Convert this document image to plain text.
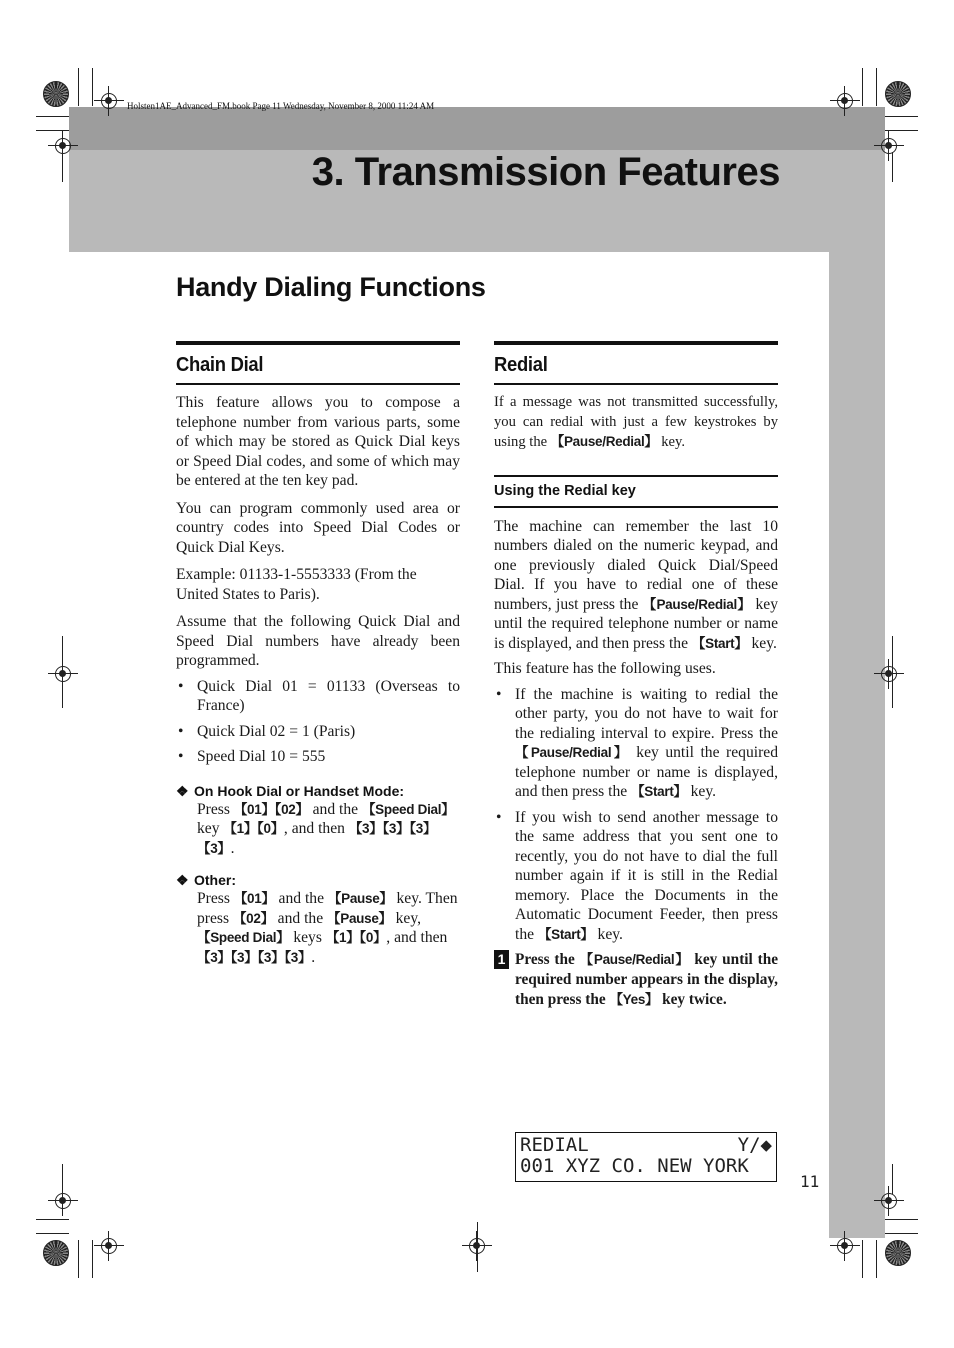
Holsten1AE_Advanced_FM.book Page 11 Wednesday, November 8, 2000 11:24 AM
3. Transmission Features
Handy Dialing Functions
Chain Dial

This feature allows you to compose a telephone number from various parts, some of which may be stored as Quick Dial keys or Speed Dial codes, and some of which may be entered at the ten key pad.

You can program commonly used area or country codes into Speed Dial Codes or Quick Dial Keys.

Example: 01133-1-5553333 (From the United States to Paris).

Assume that the following Quick Dial and Speed Dial numbers have already been programmed.

• Quick Dial 01 = 01133 (Overseas to France)
• Quick Dial 02 = 1 (Paris)
• Speed Dial 10 = 555
❖ On Hook Dial or Handset Mode:

Press 【01】【02】 and the 【Speed Dial】 key 【1】【0】, and then 【3】【3】【3】【3】.

❖ Other:

Press 【01】 and the 【Pause】 key. Then press 【02】 and the 【Pause】 key, 【Speed Dial】 keys 【1】【0】, and then 【3】【3】【3】【3】.

Redial

If a message was not transmitted successfully, you can redial with just a few keystrokes by using the 【Pause/Redial】 key.

Using the Redial key

The machine can remember the last 10 numbers dialed on the numeric keypad, and one previously dialed Quick Dial/Speed Dial. If you have to redial one of these numbers, just press the 【Pause/Redial】 key until the required telephone number or name is displayed, and then press the 【Start】 key.

This feature has the following uses.

• If the machine is waiting to redial the other party, you do not have to wait for the redialing interval to expire. Press the 【Pause/Redial】 key until the required telephone number or name is displayed, and then press the 【Start】 key.
• If you wish to send another message to the same address that you sent one to recently, you do not have to dial the full number again if it is still in the Redial memory. Place the Documents in the Automatic Document Feeder, then press the 【Start】 key.
1 Press the 【Pause/Redial】 key until the required number appears in the display, then press the 【Yes】 key twice.
REDIAL	Y/◆
001 XYZ CO. NEW YORK
11
